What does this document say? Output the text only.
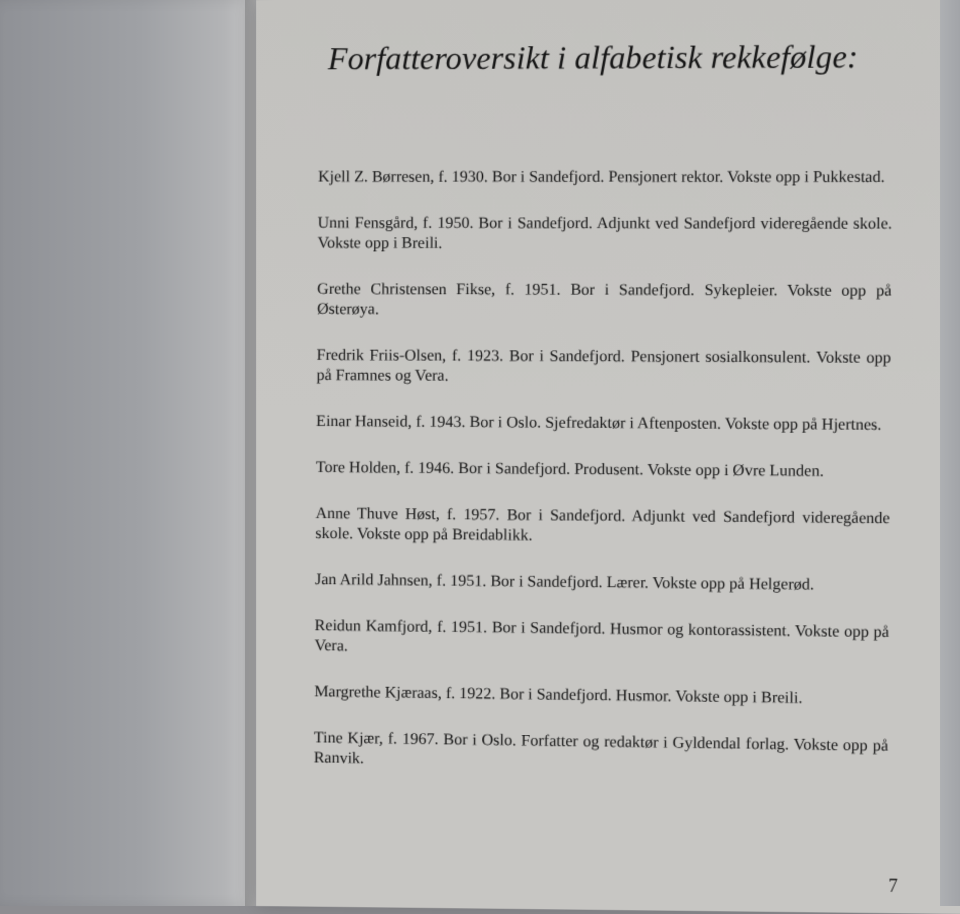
Forfatteroversikt i alfabetisk rekkefølge:

Kjell Z. Børresen, f. 1930. Bor i Sandefjord. Pensjonert rektor. Vokste opp i Pukkestad.

Unni Fensgård, f. 1950. Bor i Sandefjord. Adjunkt ved Sandefjord videregående skole. Vokste opp i Breili.

Grethe Christensen Fikse, f. 1951. Bor i Sandefjord. Sykepleier. Vokste opp på Østerøya.

Fredrik Friis-Olsen, f. 1923. Bor i Sandefjord. Pensjonert sosialkonsulent. Vokste opp på Framnes og Vera.

Einar Hanseid, f. 1943. Bor i Oslo. Sjefredaktør i Aftenposten. Vokste opp på Hjertnes.

Tore Holden, f. 1946. Bor i Sandefjord. Produsent. Vokste opp i Øvre Lunden.

Anne Thuve Høst, f. 1957. Bor i Sandefjord. Adjunkt ved Sandefjord videregående skole. Vokste opp på Breidablikk.

Jan Arild Jahnsen, f. 1951. Bor i Sandefjord. Lærer. Vokste opp på Helgerød.

Reidun Kamfjord, f. 1951. Bor i Sandefjord. Husmor og kontorassistent. Vokste opp på Vera.

Margrethe Kjæraas, f. 1922. Bor i Sandefjord. Husmor. Vokste opp i Breili.

Tine Kjær, f. 1967. Bor i Oslo. Forfatter og redaktør i Gyldendal forlag. Vokste opp på Ranvik.

7
